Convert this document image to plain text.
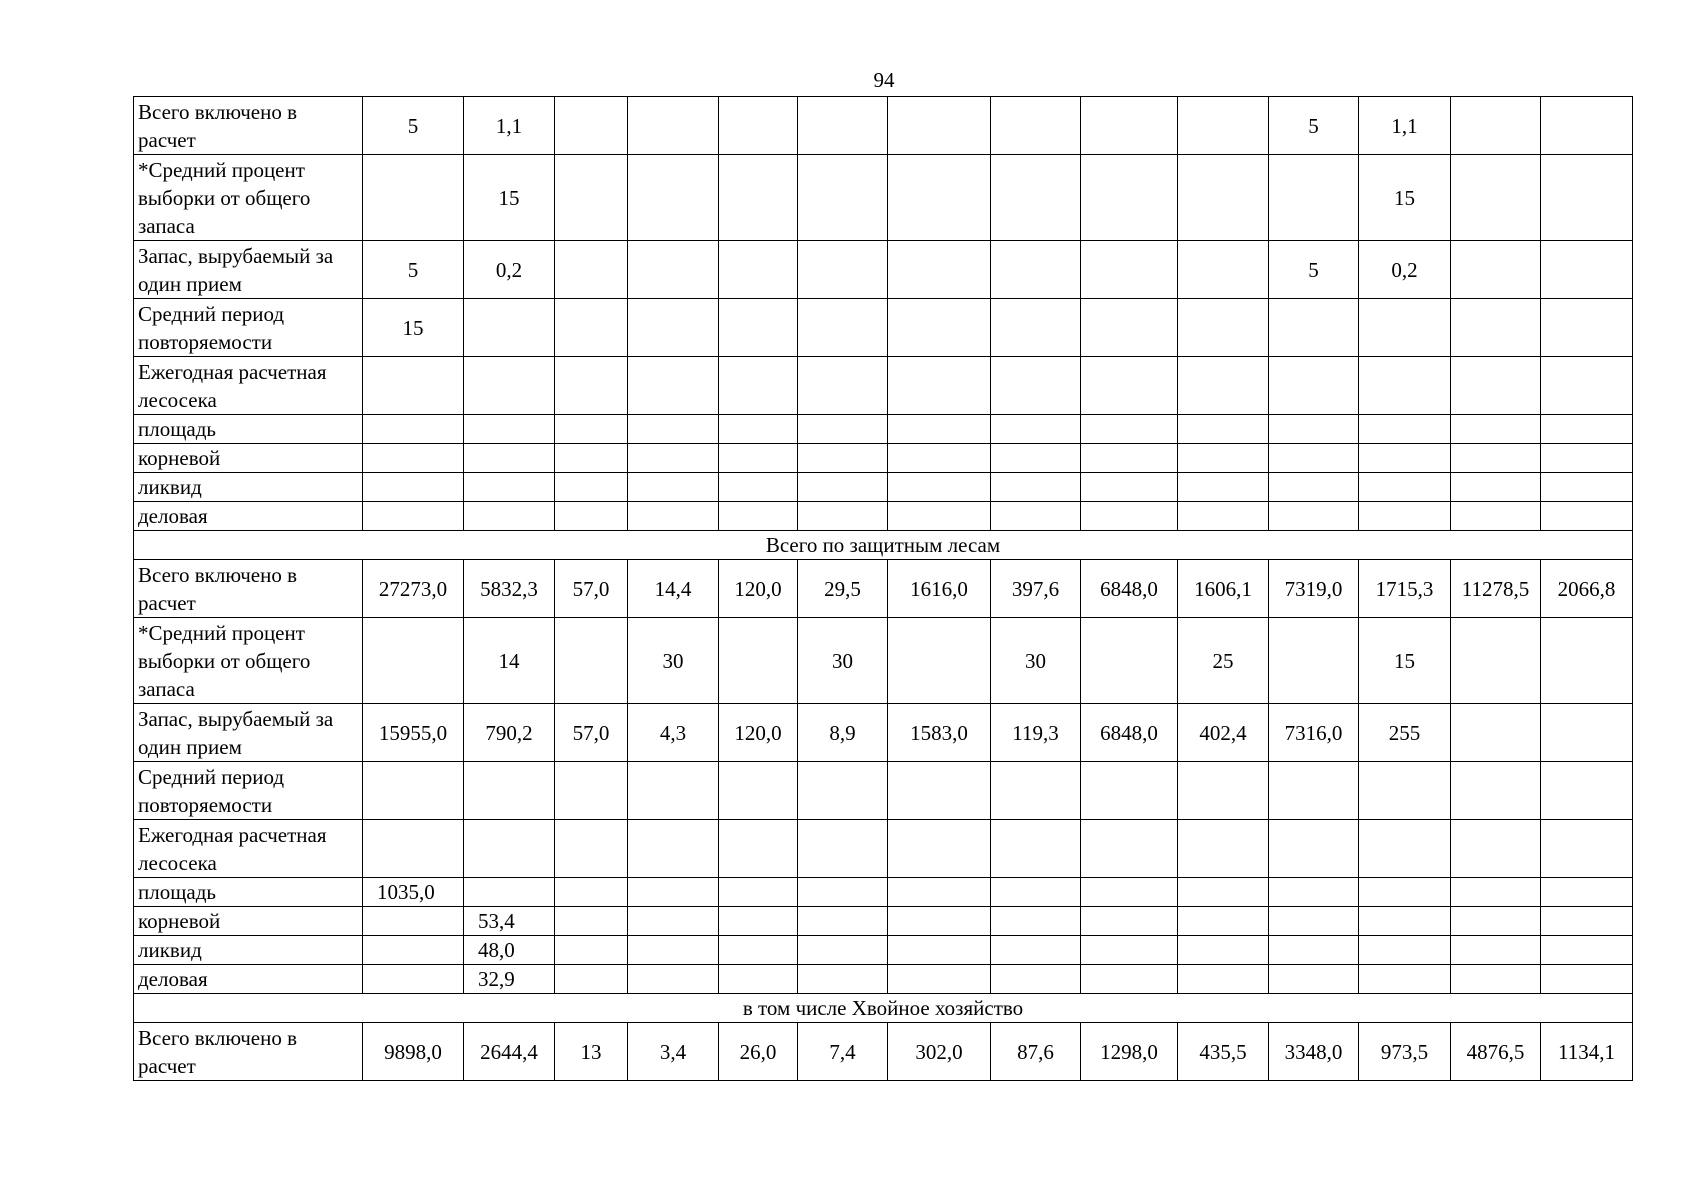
94
Всего включено в расчет	5	1,1									5	1,1		
*Средний процент выборки от общего запаса		15										15		
Запас, вырубаемый за один прием	5	0,2									5	0,2		
Средний период повторяемости	15													
Ежегодная расчетная лесосека														
площадь														
корневой														
ликвид														
деловая														
Всего по защитным лесам														
Всего включено в расчет	27273,0	5832,3	57,0	14,4	120,0	29,5	1616,0	397,6	6848,0	1606,1	7319,0	1715,3	11278,5	2066,8
*Средний процент выборки от общего запаса		14		30		30		30		25		15		
Запас, вырубаемый за один прием	15955,0	790,2	57,0	4,3	120,0	8,9	1583,0	119,3	6848,0	402,4	7316,0	255		
Средний период повторяемости														
Ежегодная расчетная лесосека														
площадь	1035,0													
корневой		53,4												
ликвид		48,0												
деловая		32,9												
в том числе Хвойное хозяйство														
Всего включено в расчет	9898,0	2644,4	13	3,4	26,0	7,4	302,0	87,6	1298,0	435,5	3348,0	973,5	4876,5	1134,1
